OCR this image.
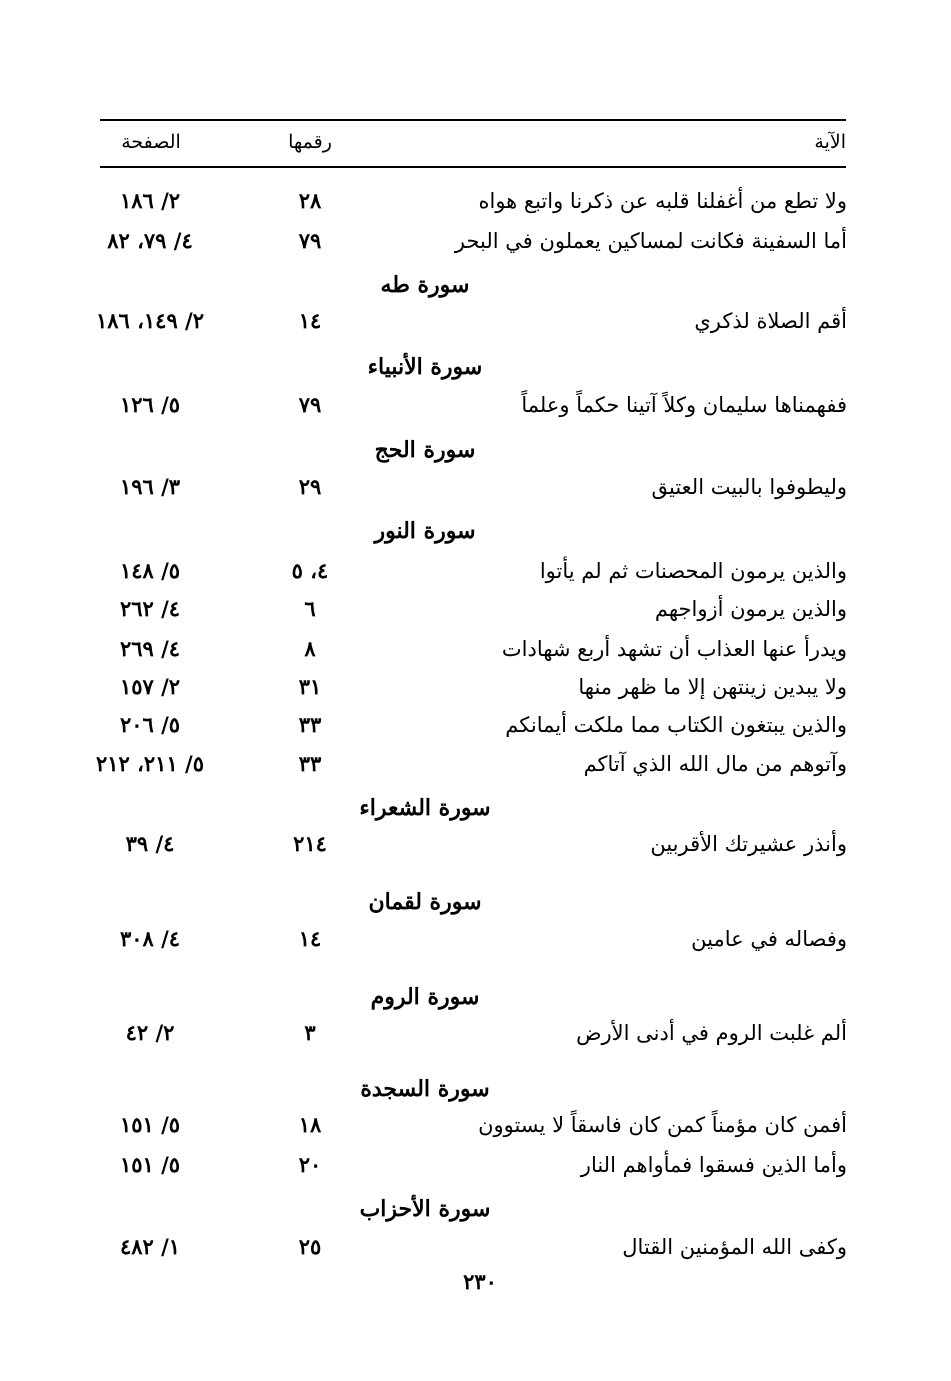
الآية
رقمها
الصفحة
ولا تطع من أغفلنا قلبه عن ذكرنا واتبع هواه
٢٨
٢/ ١٨٦
أما السفينة فكانت لمساكين يعملون في البحر
٧٩
٤/ ٧٩، ٨٢
سورة طه
أقم الصلاة لذكري
١٤
٢/ ١٤٩، ١٨٦
سورة الأنبياء
ففهمناها سليمان وكلاً آتينا حكماً وعلماً
٧٩
٥/ ١٢٦
سورة الحج
وليطوفوا بالبيت العتيق
٢٩
٣/ ١٩٦
سورة النور
والذين يرمون المحصنات ثم لم يأتوا
٤، ٥
٥/ ١٤٨
والذين يرمون أزواجهم
٦
٤/ ٢٦٢
ويدرأ عنها العذاب أن تشهد أربع شهادات
٨
٤/ ٢٦٩
ولا يبدين زينتهن إلا ما ظهر منها
٣١
٢/ ١٥٧
والذين يبتغون الكتاب مما ملكت أيمانكم
٣٣
٥/ ٢٠٦
وآتوهم من مال الله الذي آتاكم
٣٣
٥/ ٢١١، ٢١٢
سورة الشعراء
وأنذر عشيرتك الأقربين
٢١٤
٤/ ٣٩
سورة لقمان
وفصاله في عامين
١٤
٤/ ٣٠٨
سورة الروم
ألم غلبت الروم في أدنى الأرض
٣
٢/ ٤٢
سورة السجدة
أفمن كان مؤمناً كمن كان فاسقاً لا يستوون
١٨
٥/ ١٥١
وأما الذين فسقوا فمأواهم النار
٢٠
٥/ ١٥١
سورة الأحزاب
وكفى الله المؤمنين القتال
٢٥
١/ ٤٨٢
٢٣٠
